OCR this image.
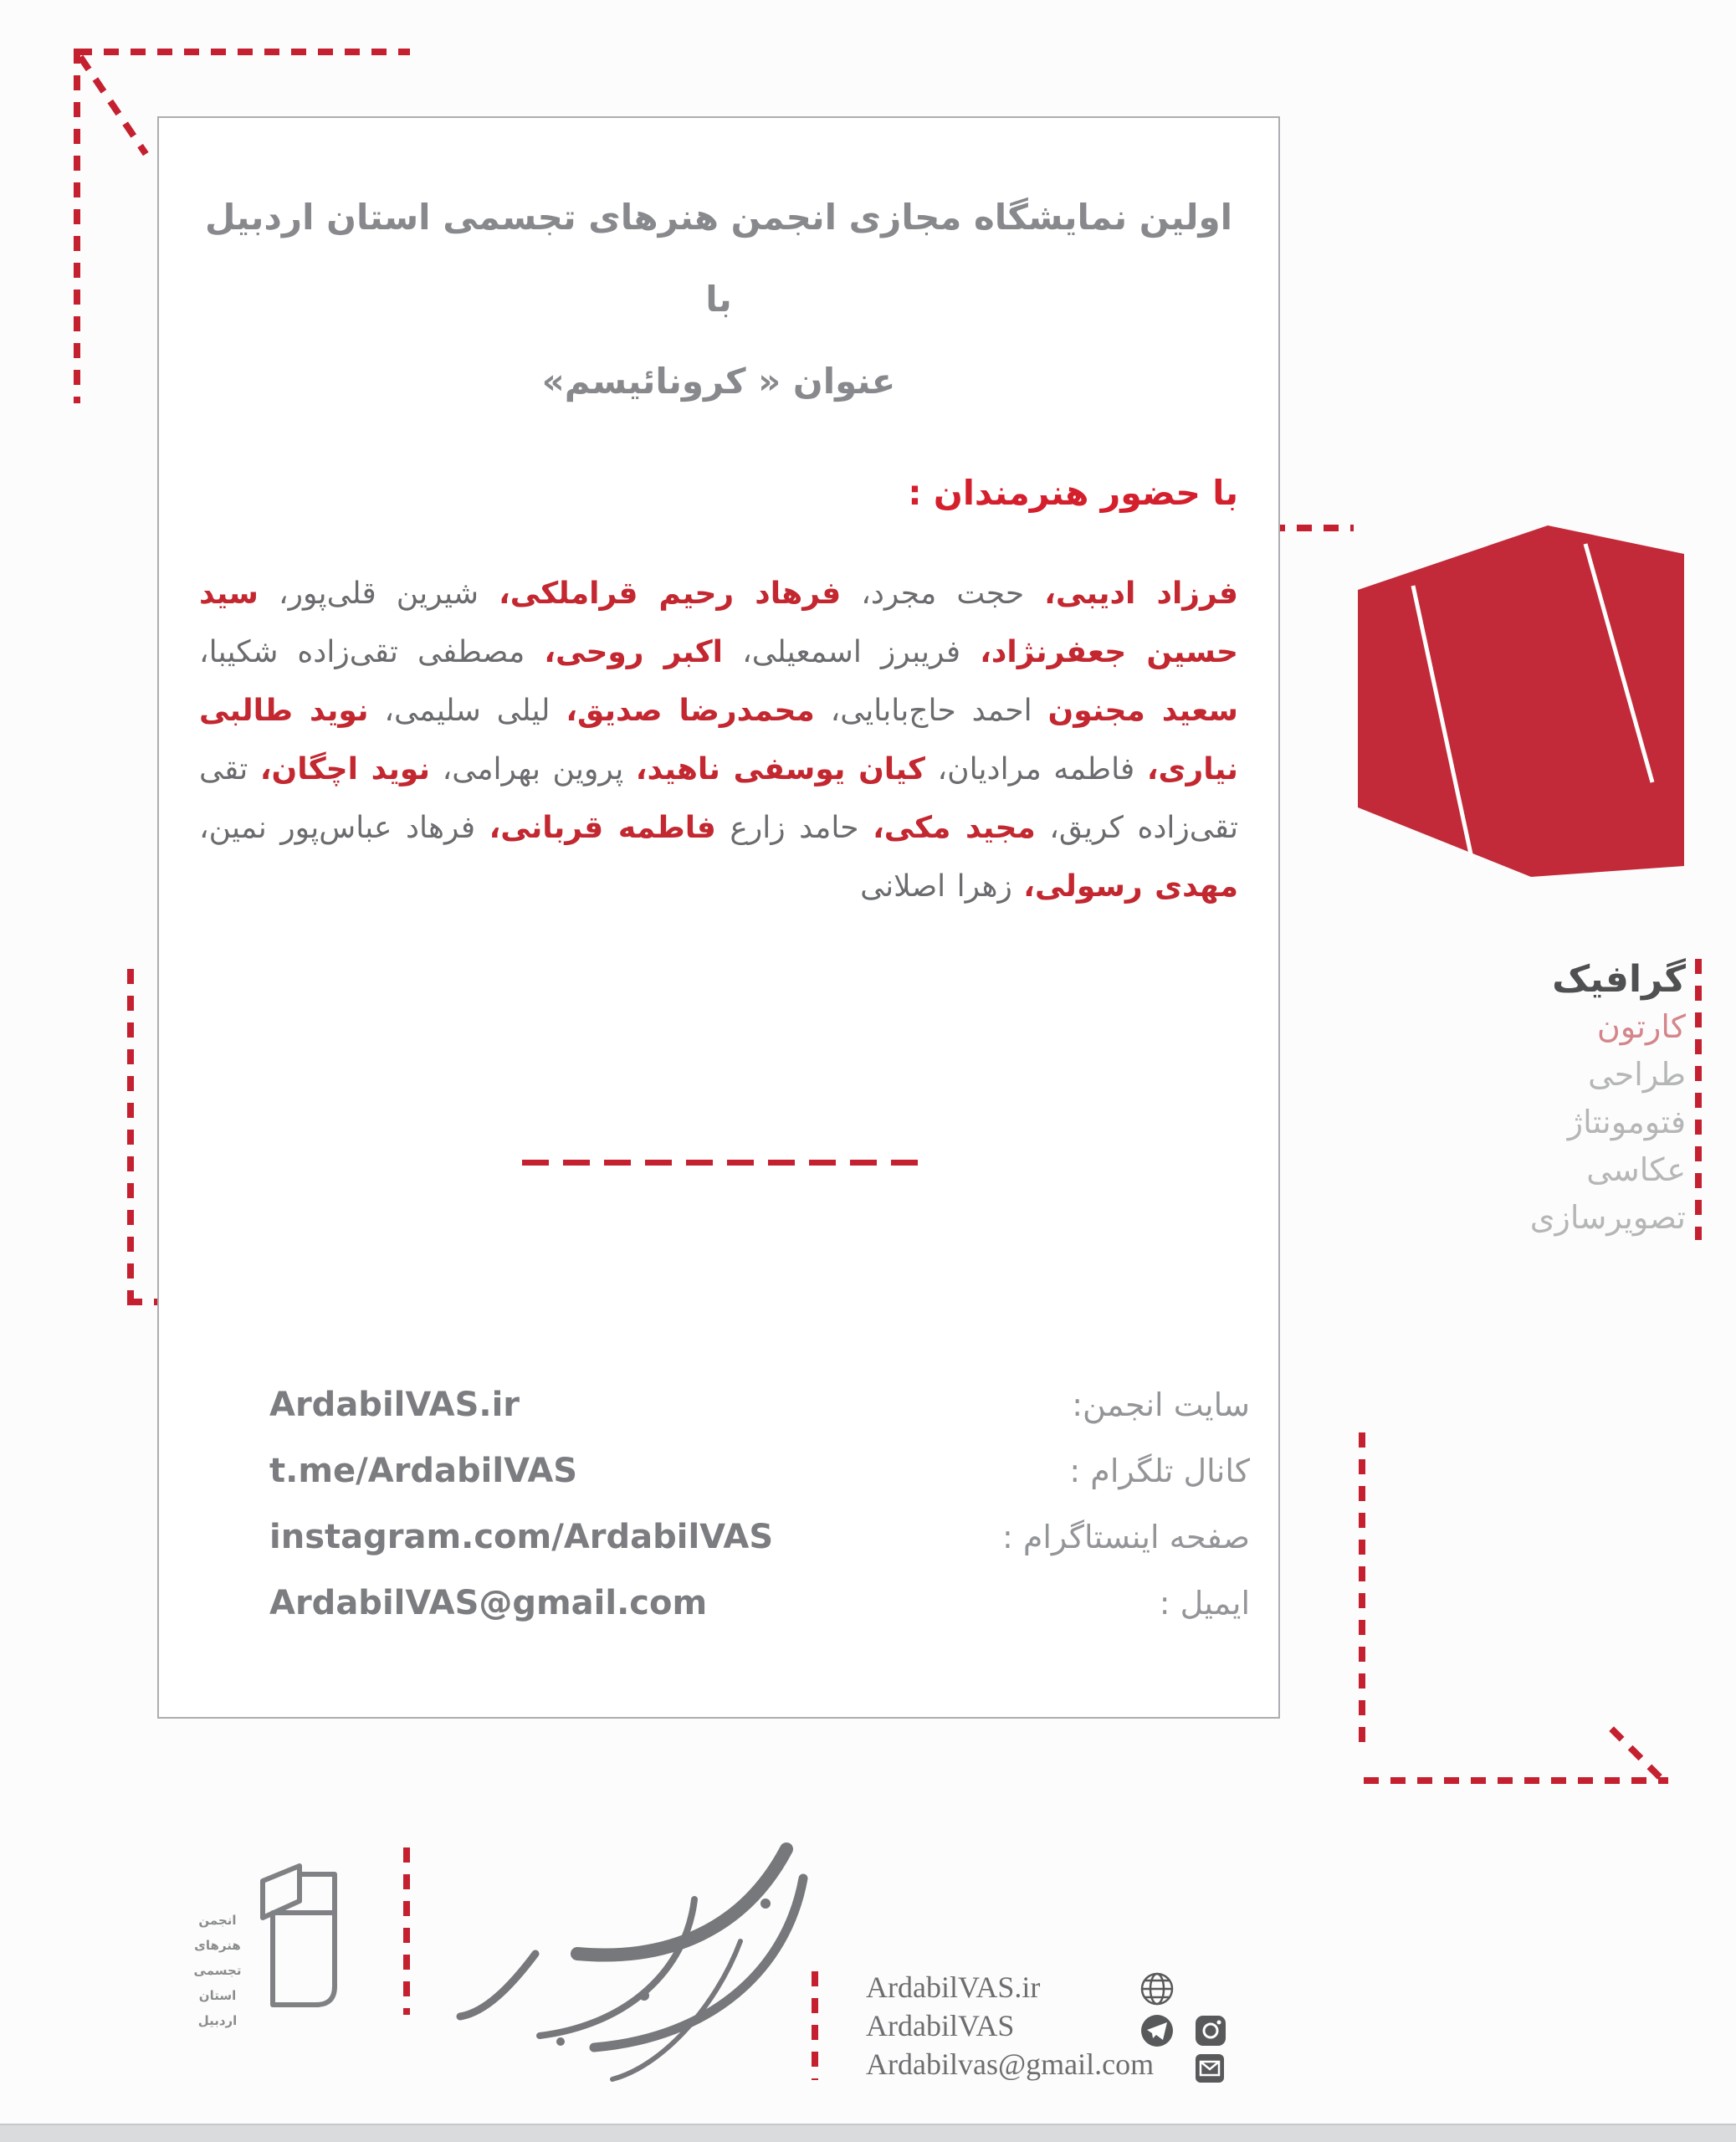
اولین نمایشگاه مجازی انجمن هنرهای تجسمی استان اردبیل با
عنوان « کرونائیسم»
با حضور هنرمندان :

فرزاد ادیبی، حجت مجرد، فرهاد رحیم قراملکی، شیرین قلی‌پور، سید حسین جعفرنژاد، فریبرز اسمعیلی، اکبر روحی، مصطفی تقی‌زاده شکیبا، سعید مجنون احمد حاج‌بابایی، محمدرضا صدیق، لیلی سلیمی، نوید طالبی نیاری، فاطمه مرادیان، کیان یوسفی ناهید، پروین بهرامی، نوید اچگان، تقی تقی‌زاده کریق، مجید مکی، حامد زارع فاطمه قربانی، فرهاد عباس‌پور نمین، مهدی رسولی، زهرا اصلانی

ArdabilVAS.ir	سایت انجمن:
t.me/ArdabilVAS	کانال تلگرام :
instagram.com/ArdabilVAS	صفحه اینستاگرام :
ArdabilVAS@gmail.com	ایمیل :
گرافیک
کارتون
طراحی
فتومونتاژ
عکاسی
تصویرسازی
انجمن
هنرهای
تجسمی
استان اردبیل
ArdabilVAS.ir
ArdabilVAS
Ardabilvas@gmail.com
